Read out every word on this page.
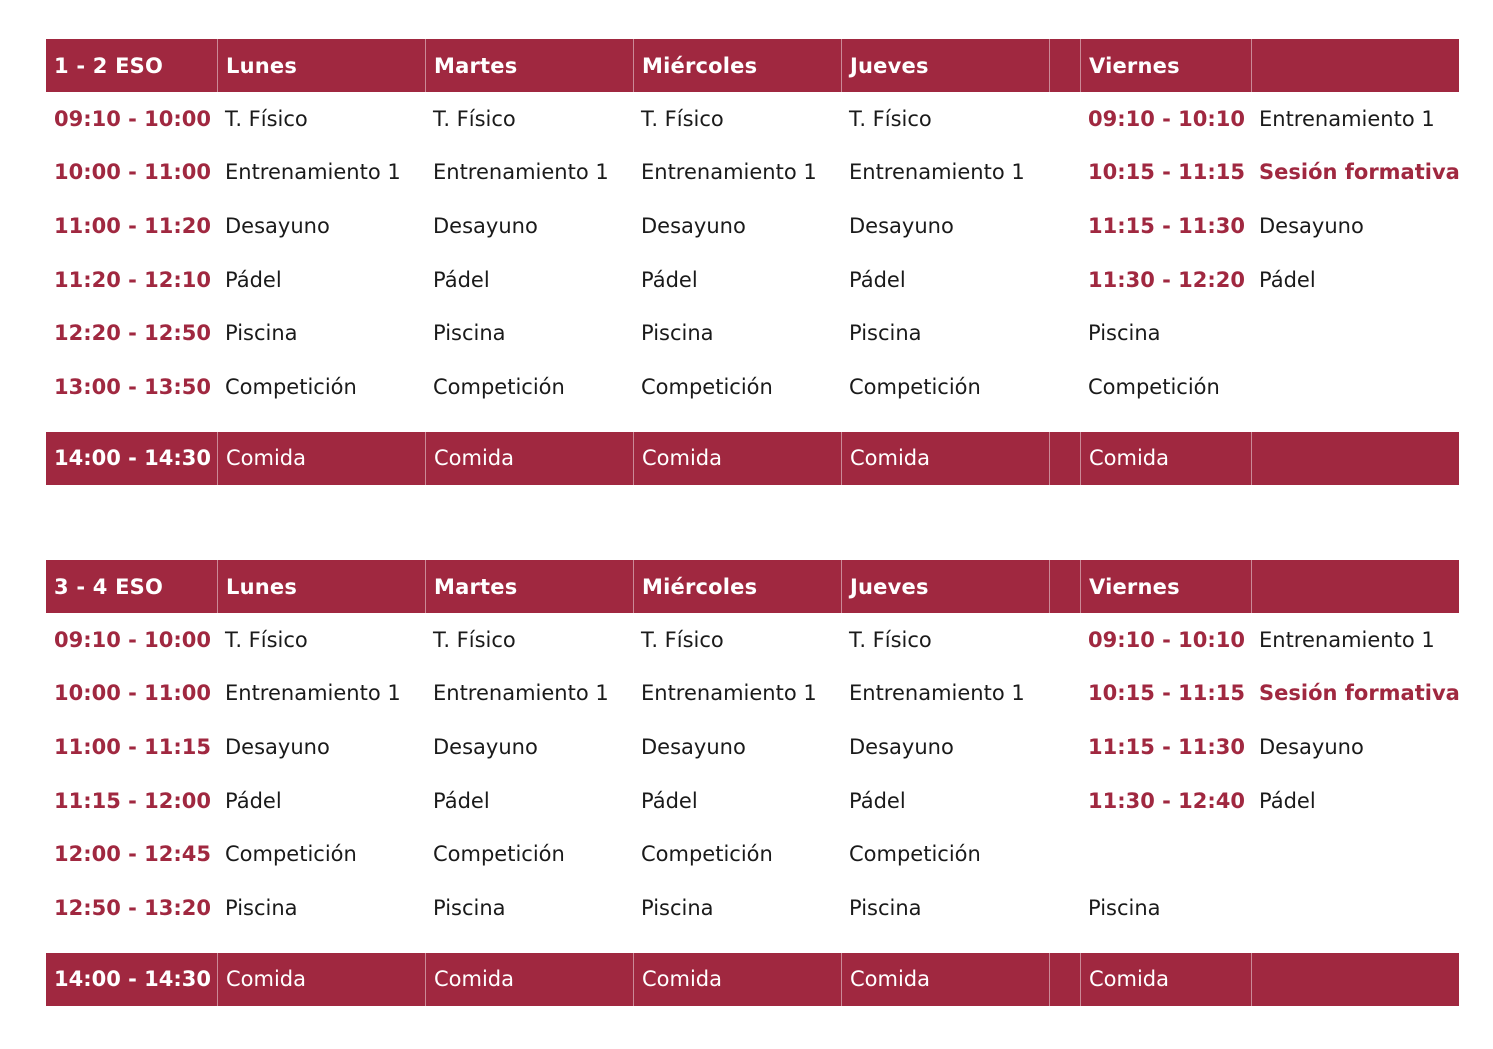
1 - 2 ESO	Lunes	Martes	Miércoles	Jueves	Viernes
09:10 - 10:00 T. Físico	T. Físico	T. Físico	T. Físico	09:10 - 10:10 Entrenamiento 1
10:00 - 11:00 Entrenamiento 1	Entrenamiento 1	Entrenamiento 1	Entrenamiento 1	10:15 - 11:15 Sesión formativa
11:00 - 11:20 Desayuno	Desayuno	Desayuno	Desayuno	11:15 - 11:30 Desayuno
11:20 - 12:10 Pádel	Pádel	Pádel	Pádel	11:30 - 12:20 Pádel
12:20 - 12:50 Piscina	Piscina	Piscina	Piscina	Piscina
13:00 - 13:50 Competición	Competición	Competición	Competición	Competición
14:00 - 14:30 Comida	Comida	Comida	Comida	Comida
3 - 4 ESO	Lunes	Martes	Miércoles	Jueves	Viernes
09:10 - 10:00 T. Físico	T. Físico	T. Físico	T. Físico	09:10 - 10:10 Entrenamiento 1
10:00 - 11:00 Entrenamiento 1	Entrenamiento 1	Entrenamiento 1	Entrenamiento 1	10:15 - 11:15 Sesión formativa
11:00 - 11:15 Desayuno	Desayuno	Desayuno	Desayuno	11:15 - 11:30 Desayuno
11:15 - 12:00 Pádel	Pádel	Pádel	Pádel	11:30 - 12:40 Pádel
12:00 - 12:45 Competición	Competición	Competición	Competición
12:50 - 13:20 Piscina	Piscina	Piscina	Piscina	Piscina
14:00 - 14:30 Comida	Comida	Comida	Comida	Comida
